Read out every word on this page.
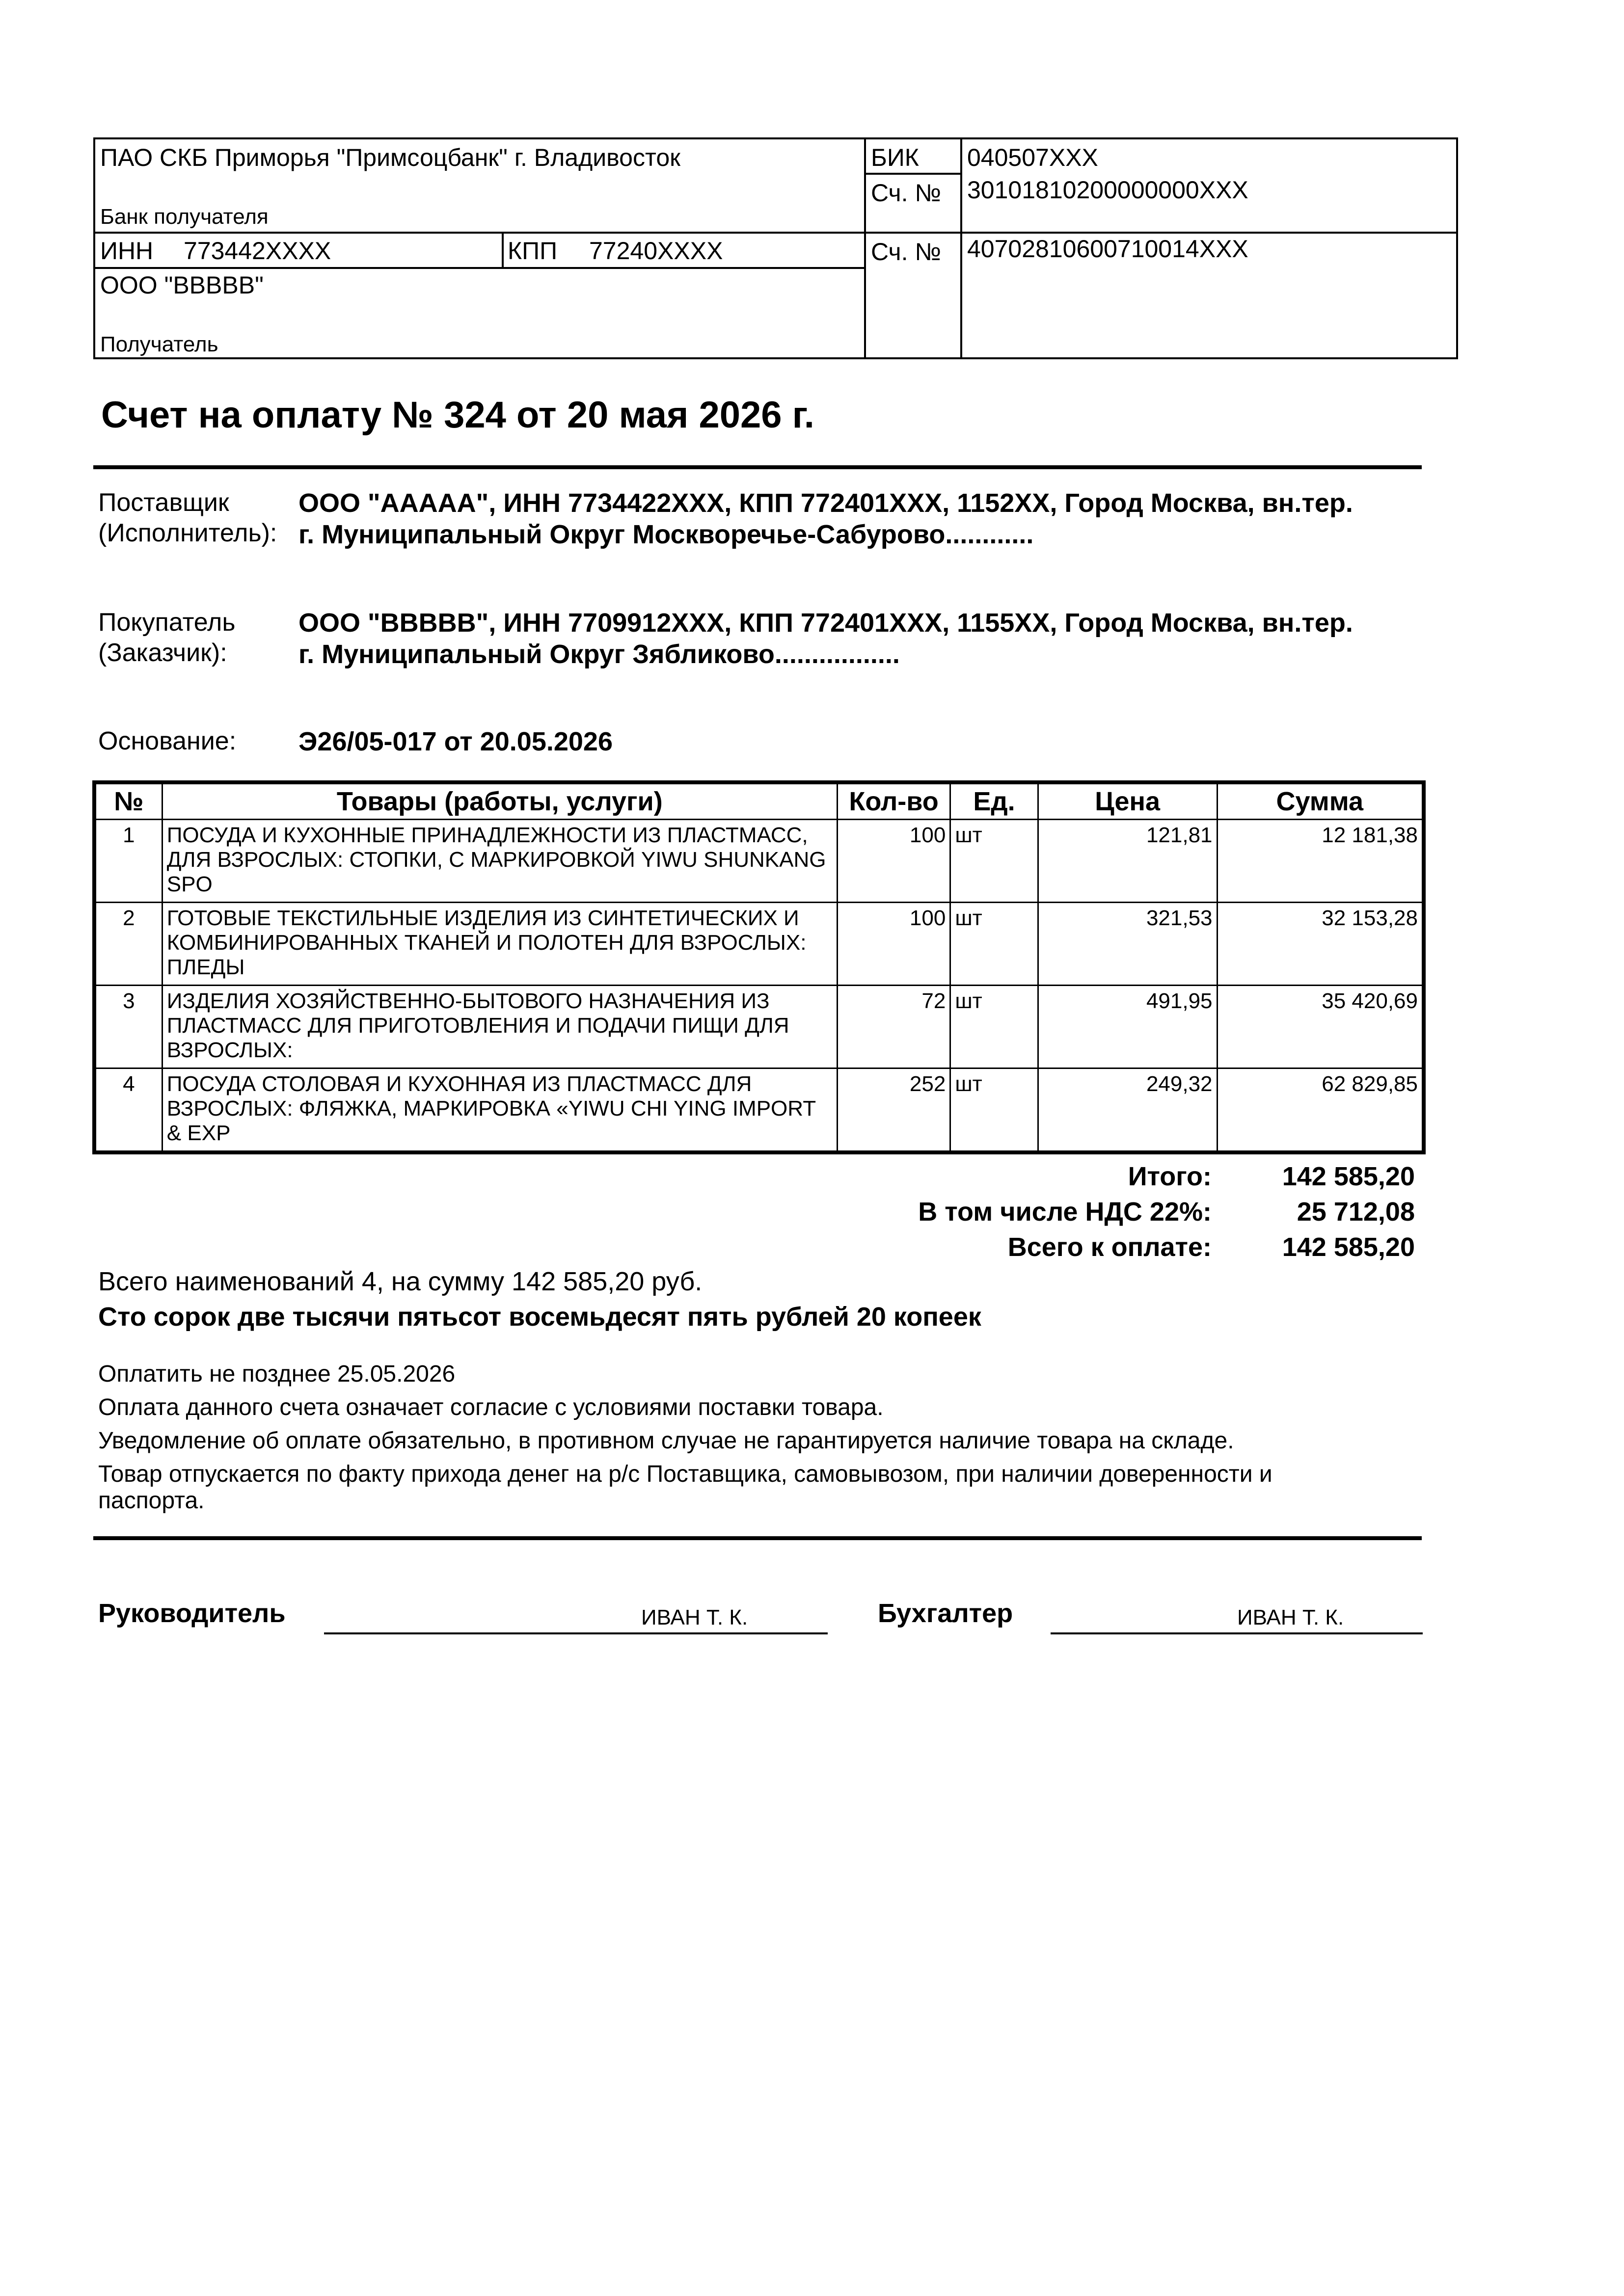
ПАО СКБ Приморья "Примсоцбанк" г. Владивосток
Банк получателя
БИК 040507XXX
Сч. № 30101810200000000XXX
ИНН 773442XXXX	КПП 77240XXXX	Сч. № 40702810600710014XXX
ООО "ВВВВВ"
Получатель
Счет на оплату № 324 от 20 мая 2026 г.
Поставщик
(Исполнитель):
ООО "ААААА", ИНН 7734422XXX, КПП 772401XXX, 1152XX, Город Москва, вн.тер.
г. Муниципальный Округ Москворечье-Сабурово............
Покупатель
(Заказчик):
ООО "ВВВВВ", ИНН 7709912XXX, КПП 772401XXX, 1155XX, Город Москва, вн.тер.
г. Муниципальный Округ Зябликово.................
Основание: Э26/05-017 от 20.05.2026
№	Товары (работы, услуги)	Кол-во	Ед.	Цена	Сумма
1	ПОСУДА И КУХОННЫЕ ПРИНАДЛЕЖНОСТИ ИЗ ПЛАСТМАСС, ДЛЯ ВЗРОСЛЫХ: СТОПКИ, С МАРКИРОВКОЙ YIWU SHUNKANG SPO	100	шт	121,81	12 181,38
2	ГОТОВЫЕ ТЕКСТИЛЬНЫЕ ИЗДЕЛИЯ ИЗ СИНТЕТИЧЕСКИХ И КОМБИНИРОВАННЫХ ТКАНЕЙ И ПОЛОТЕН ДЛЯ ВЗРОСЛЫХ: ПЛЕДЫ	100	шт	321,53	32 153,28
3	ИЗДЕЛИЯ ХОЗЯЙСТВЕННО-БЫТОВОГО НАЗНАЧЕНИЯ ИЗ ПЛАСТМАСС ДЛЯ ПРИГОТОВЛЕНИЯ И ПОДАЧИ ПИЩИ ДЛЯ ВЗРОСЛЫХ:	72	шт	491,95	35 420,69
4	ПОСУДА СТОЛОВАЯ И КУХОННАЯ ИЗ ПЛАСТМАСС ДЛЯ ВЗРОСЛЫХ: ФЛЯЖКА, МАРКИРОВКА «YIWU CHI YING IMPORT & EXP	252	шт	249,32	62 829,85
Итого:	142 585,20
В том числе НДС 22%:	25 712,08
Всего к оплате:	142 585,20
Всего наименований 4, на сумму 142 585,20 руб.
Сто сорок две тысячи пятьсот восемьдесят пять рублей 20 копеек
Оплатить не позднее 25.05.2026
Оплата данного счета означает согласие с условиями поставки товара.
Уведомление об оплате обязательно, в противном случае не гарантируется наличие товара на складе.
Товар отпускается по факту прихода денег на р/с Поставщика, самовывозом, при наличии доверенности и
паспорта.
Руководитель	ИВАН Т. К.	Бухгалтер	ИВАН Т. К.
